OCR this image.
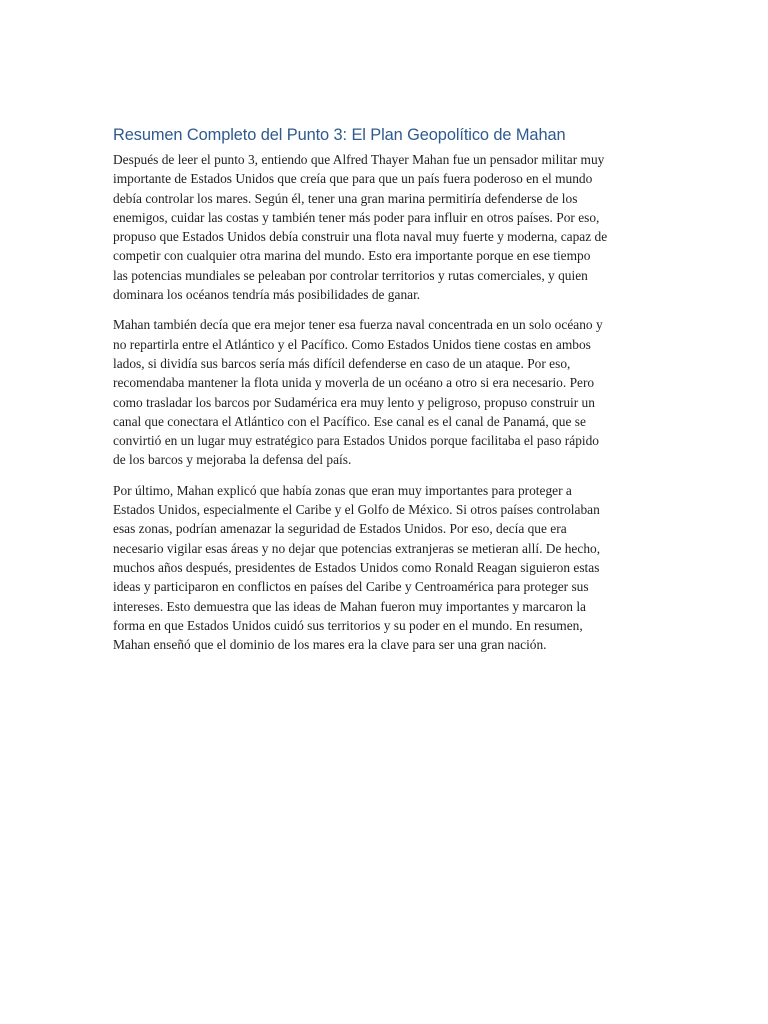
Resumen Completo del Punto 3: El Plan Geopolítico de Mahan

Después de leer el punto 3, entiendo que Alfred Thayer Mahan fue un pensador militar muy
importante de Estados Unidos que creía que para que un país fuera poderoso en el mundo
debía controlar los mares. Según él, tener una gran marina permitiría defenderse de los
enemigos, cuidar las costas y también tener más poder para influir en otros países. Por eso,
propuso que Estados Unidos debía construir una flota naval muy fuerte y moderna, capaz de
competir con cualquier otra marina del mundo. Esto era importante porque en ese tiempo
las potencias mundiales se peleaban por controlar territorios y rutas comerciales, y quien
dominara los océanos tendría más posibilidades de ganar.

Mahan también decía que era mejor tener esa fuerza naval concentrada en un solo océano y
no repartirla entre el Atlántico y el Pacífico. Como Estados Unidos tiene costas en ambos
lados, si dividía sus barcos sería más difícil defenderse en caso de un ataque. Por eso,
recomendaba mantener la flota unida y moverla de un océano a otro si era necesario. Pero
como trasladar los barcos por Sudamérica era muy lento y peligroso, propuso construir un
canal que conectara el Atlántico con el Pacífico. Ese canal es el canal de Panamá, que se
convirtió en un lugar muy estratégico para Estados Unidos porque facilitaba el paso rápido
de los barcos y mejoraba la defensa del país.

Por último, Mahan explicó que había zonas que eran muy importantes para proteger a
Estados Unidos, especialmente el Caribe y el Golfo de México. Si otros países controlaban
esas zonas, podrían amenazar la seguridad de Estados Unidos. Por eso, decía que era
necesario vigilar esas áreas y no dejar que potencias extranjeras se metieran allí. De hecho,
muchos años después, presidentes de Estados Unidos como Ronald Reagan siguieron estas
ideas y participaron en conflictos en países del Caribe y Centroamérica para proteger sus
intereses. Esto demuestra que las ideas de Mahan fueron muy importantes y marcaron la
forma en que Estados Unidos cuidó sus territorios y su poder en el mundo. En resumen,
Mahan enseñó que el dominio de los mares era la clave para ser una gran nación.
